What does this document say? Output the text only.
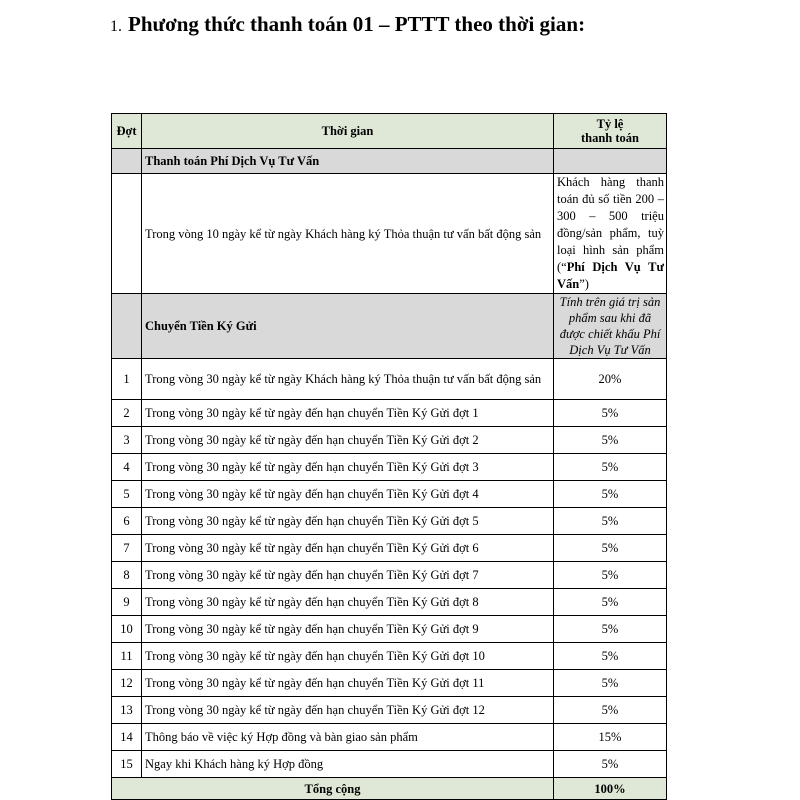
1. Phương thức thanh toán 01 – PTTT theo thời gian:
Đợt	Thời gian	Tỷ lệ
thanh toán
	Thanh toán Phí Dịch Vụ Tư Vấn	
	Trong vòng 10 ngày kể từ ngày Khách hàng ký Thỏa thuận tư vấn bất động sản	Khách hàng thanh toán đủ số tiền 200 – 300 – 500 triệu đồng/sản phẩm, tuỳ loại hình sản phẩm (“Phí Dịch Vụ Tư Vấn”)
	Chuyển Tiền Ký Gửi	Tính trên giá trị sản phẩm sau khi đã được chiết khấu Phí Dịch Vụ Tư Vấn
1	Trong vòng 30 ngày kể từ ngày Khách hàng ký Thỏa thuận tư vấn bất động sản	20%
2	Trong vòng 30 ngày kể từ ngày đến hạn chuyển Tiền Ký Gửi đợt 1	5%
3	Trong vòng 30 ngày kể từ ngày đến hạn chuyển Tiền Ký Gửi đợt 2	5%
4	Trong vòng 30 ngày kể từ ngày đến hạn chuyển Tiền Ký Gửi đợt 3	5%
5	Trong vòng 30 ngày kể từ ngày đến hạn chuyển Tiền Ký Gửi đợt 4	5%
6	Trong vòng 30 ngày kể từ ngày đến hạn chuyển Tiền Ký Gửi đợt 5	5%
7	Trong vòng 30 ngày kể từ ngày đến hạn chuyển Tiền Ký Gửi đợt 6	5%
8	Trong vòng 30 ngày kể từ ngày đến hạn chuyển Tiền Ký Gửi đợt 7	5%
9	Trong vòng 30 ngày kể từ ngày đến hạn chuyển Tiền Ký Gửi đợt 8	5%
10	Trong vòng 30 ngày kể từ ngày đến hạn chuyển Tiền Ký Gửi đợt 9	5%
11	Trong vòng 30 ngày kể từ ngày đến hạn chuyển Tiền Ký Gửi đợt 10	5%
12	Trong vòng 30 ngày kể từ ngày đến hạn chuyển Tiền Ký Gửi đợt 11	5%
13	Trong vòng 30 ngày kể từ ngày đến hạn chuyển Tiền Ký Gửi đợt 12	5%
14	Thông báo về việc ký Hợp đồng và bàn giao sản phẩm	15%
15	Ngay khi Khách hàng ký Hợp đồng	5%
Tổng cộng		100%
